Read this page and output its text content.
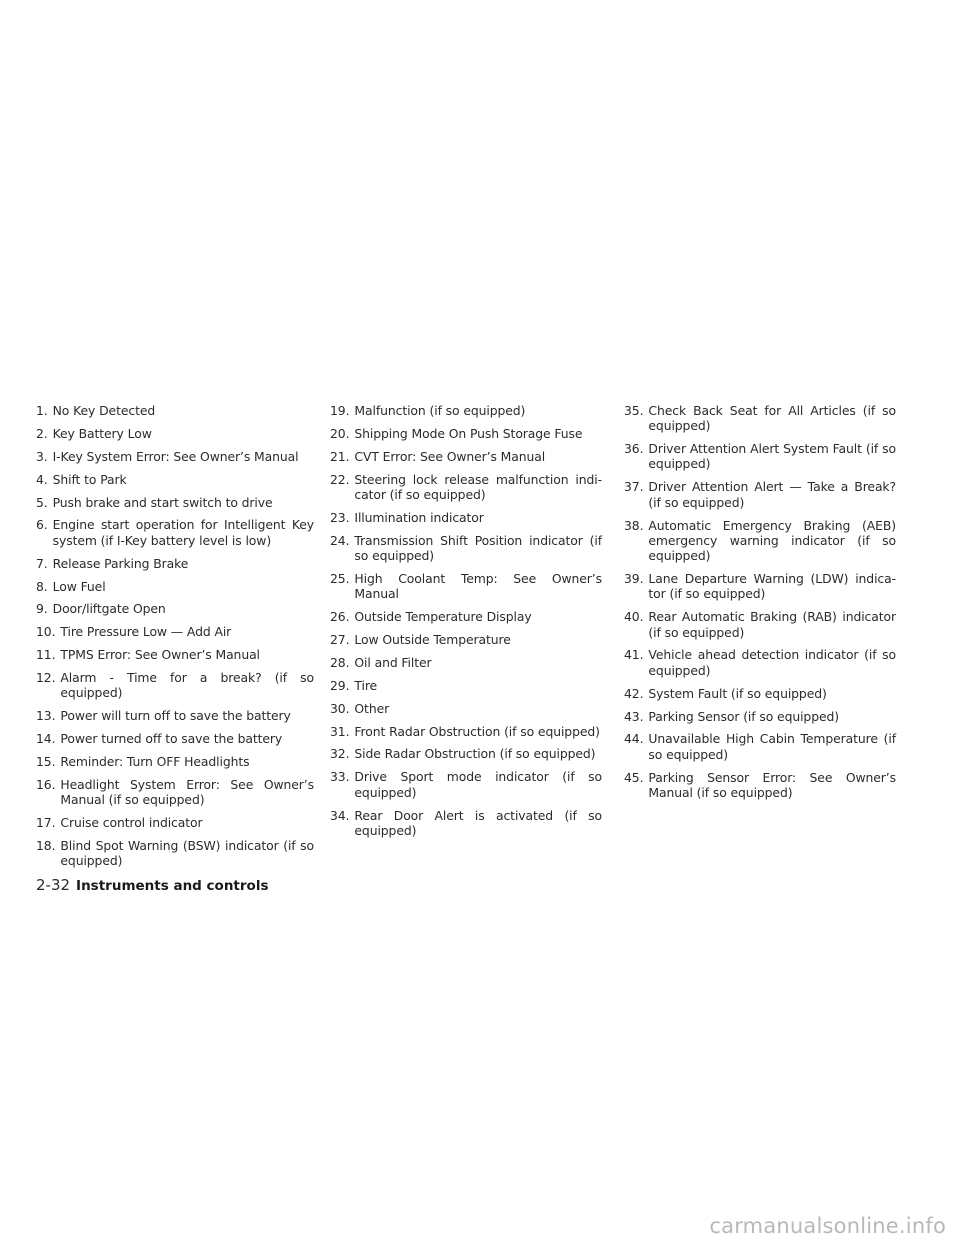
1. No Key Detected
2. Key Battery Low
3. I-Key System Error: See Owner’s Manual
4. Shift to Park
5. Push brake and start switch to drive
6. Engine start operation for Intelligent Key system (if I-Key battery level is low)
7. Release Parking Brake
8. Low Fuel
9. Door/liftgate Open
10. Tire Pressure Low — Add Air
11. TPMS Error: See Owner’s Manual
12. Alarm - Time for a break? (if so equipped)
13. Power will turn off to save the battery
14. Power turned off to save the battery
15. Reminder: Turn OFF Headlights
16. Headlight System Error: See Owner’s Manual (if so equipped)
17. Cruise control indicator
18. Blind Spot Warning (BSW) indicator (if so equipped)
19. Malfunction (if so equipped)
20. Shipping Mode On Push Storage Fuse
21. CVT Error: See Owner’s Manual
22. Steering lock release malfunction indi- cator (if so equipped)
23. Illumination indicator
24. Transmission Shift Position indicator (if so equipped)
25. High Coolant Temp: See Owner’s Manual
26. Outside Temperature Display
27. Low Outside Temperature
28. Oil and Filter
29. Tire
30. Other
31. Front Radar Obstruction (if so equipped)
32. Side Radar Obstruction (if so equipped)
33. Drive Sport mode indicator (if so equipped)
34. Rear Door Alert is activated (if so equipped)
35. Check Back Seat for All Articles (if so equipped)
36. Driver Attention Alert System Fault (if so equipped)
37. Driver Attention Alert — Take a Break? (if so equipped)
38. Automatic Emergency Braking (AEB) emergency warning indicator (if so equipped)
39. Lane Departure Warning (LDW) indica- tor (if so equipped)
40. Rear Automatic Braking (RAB) indicator (if so equipped)
41. Vehicle ahead detection indicator (if so equipped)
42. System Fault (if so equipped)
43. Parking Sensor (if so equipped)
44. Unavailable High Cabin Temperature (if so equipped)
45. Parking Sensor Error: See Owner’s Manual (if so equipped)
2-32 Instruments and controls
carmanualsonline.info
